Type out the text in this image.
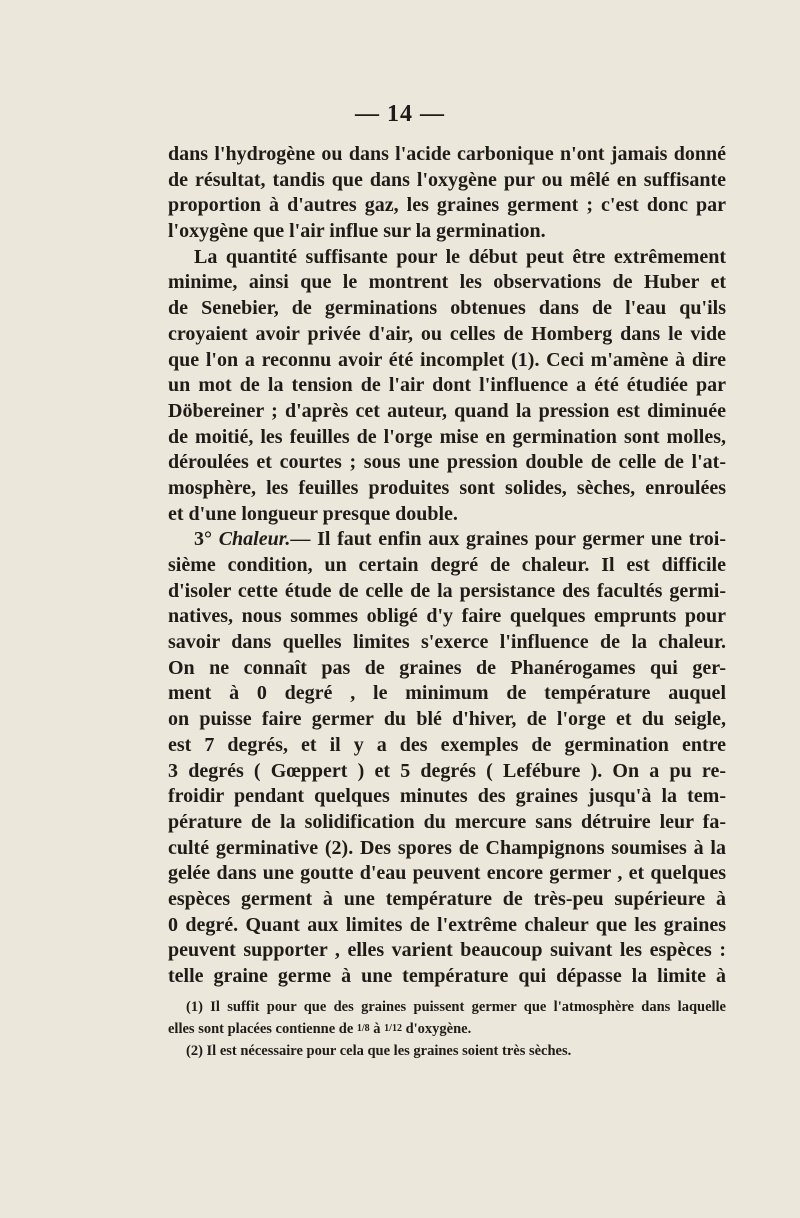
— 14 —
dans l'hydrogène ou dans l'acide carbonique n'ont jamais donné
de résultat, tandis que dans l'oxygène pur ou mêlé en suffisante
proportion à d'autres gaz, les graines germent ; c'est donc par
l'oxygène que l'air influe sur la germination.
La quantité suffisante pour le début peut être extrêmement
minime, ainsi que le montrent les observations de Huber et
de Senebier, de germinations obtenues dans de l'eau qu'ils
croyaient avoir privée d'air, ou celles de Homberg dans le vide
que l'on a reconnu avoir été incomplet (1). Ceci m'amène à dire
un mot de la tension de l'air dont l'influence a été étudiée par
Döbereiner ; d'après cet auteur, quand la pression est diminuée
de moitié, les feuilles de l'orge mise en germination sont molles,
déroulées et courtes ; sous une pression double de celle de l'at-
mosphère, les feuilles produites sont solides, sèches, enroulées
et d'une longueur presque double.
3° Chaleur.— Il faut enfin aux graines pour germer une troi-
sième condition, un certain degré de chaleur. Il est difficile
d'isoler cette étude de celle de la persistance des facultés germi-
natives, nous sommes obligé d'y faire quelques emprunts pour
savoir dans quelles limites s'exerce l'influence de la chaleur.
On ne connaît pas de graines de Phanérogames qui ger-
ment à 0 degré , le minimum de température auquel
on puisse faire germer du blé d'hiver, de l'orge et du seigle,
est 7 degrés, et il y a des exemples de germination entre
3 degrés ( Gœppert ) et 5 degrés ( Lefébure ). On a pu re-
froidir pendant quelques minutes des graines jusqu'à la tem-
pérature de la solidification du mercure sans détruire leur fa-
culté germinative (2). Des spores de Champignons soumises à la
gelée dans une goutte d'eau peuvent encore germer , et quelques
espèces germent à une température de très-peu supérieure à
0 degré. Quant aux limites de l'extrême chaleur que les graines
peuvent supporter , elles varient beaucoup suivant les espèces :
telle graine germe à une température qui dépasse la limite à
(1) Il suffit pour que des graines puissent germer que l'atmosphère dans laquelle
elles sont placées contienne de 1/8 à 1/12 d'oxygène.
(2) Il est nécessaire pour cela que les graines soient très sèches.
